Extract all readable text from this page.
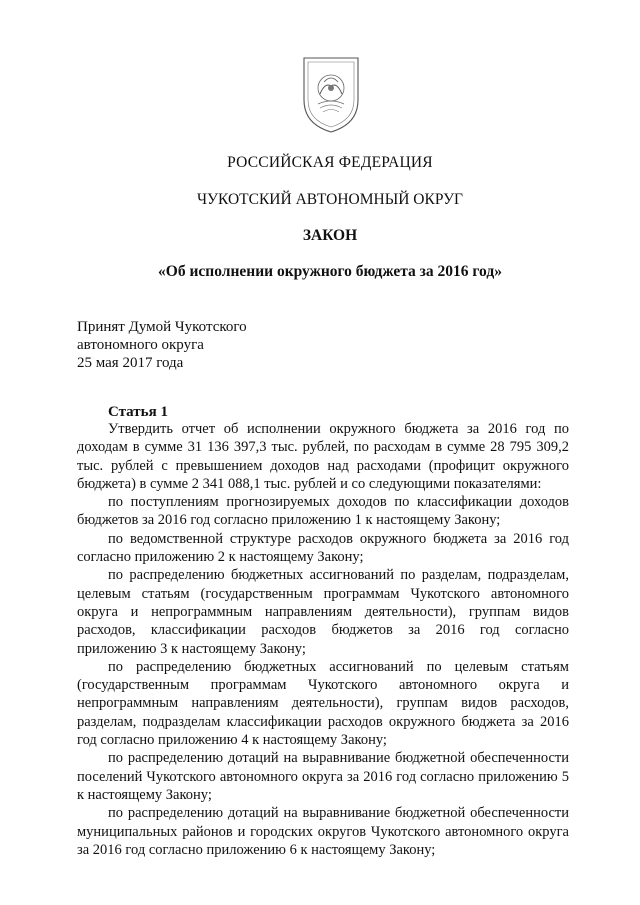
РОССИЙСКАЯ ФЕДЕРАЦИЯ
ЧУКОТСКИЙ АВТОНОМНЫЙ ОКРУГ
ЗАКОН
«Об исполнении окружного бюджета за 2016 год»
Принят Думой Чукотского
автономного округа
25 мая 2017 года
Статья 1

Утвердить отчет об исполнении окружного бюджета за 2016 год по доходам в сумме 31 136 397,3 тыс. рублей, по расходам в сумме 28 795 309,2 тыс. рублей с превышением доходов над расходами (профицит окружного бюджета) в сумме 2 341 088,1 тыс. рублей и со следующими показателями:

по поступлениям прогнозируемых доходов по классификации доходов бюджетов за 2016 год согласно приложению 1 к настоящему Закону;

по ведомственной структуре расходов окружного бюджета за 2016 год согласно приложению 2 к настоящему Закону;

по распределению бюджетных ассигнований по разделам, подразделам, целевым статьям (государственным программам Чукотского автономного округа и непрограммным направлениям деятельности), группам видов расходов, классификации расходов бюджетов за 2016 год согласно приложению 3 к настоящему Закону;

по распределению бюджетных ассигнований по целевым статьям (государственным программам Чукотского автономного округа и непрограммным направлениям деятельности), группам видов расходов, разделам, подразделам классификации расходов окружного бюджета за 2016 год согласно приложению 4 к настоящему Закону;

по распределению дотаций на выравнивание бюджетной обеспеченности поселений Чукотского автономного округа за 2016 год согласно приложению 5 к настоящему Закону;

по распределению дотаций на выравнивание бюджетной обеспеченности муниципальных районов и городских округов Чукотского автономного округа за 2016 год согласно приложению 6 к настоящему Закону;
